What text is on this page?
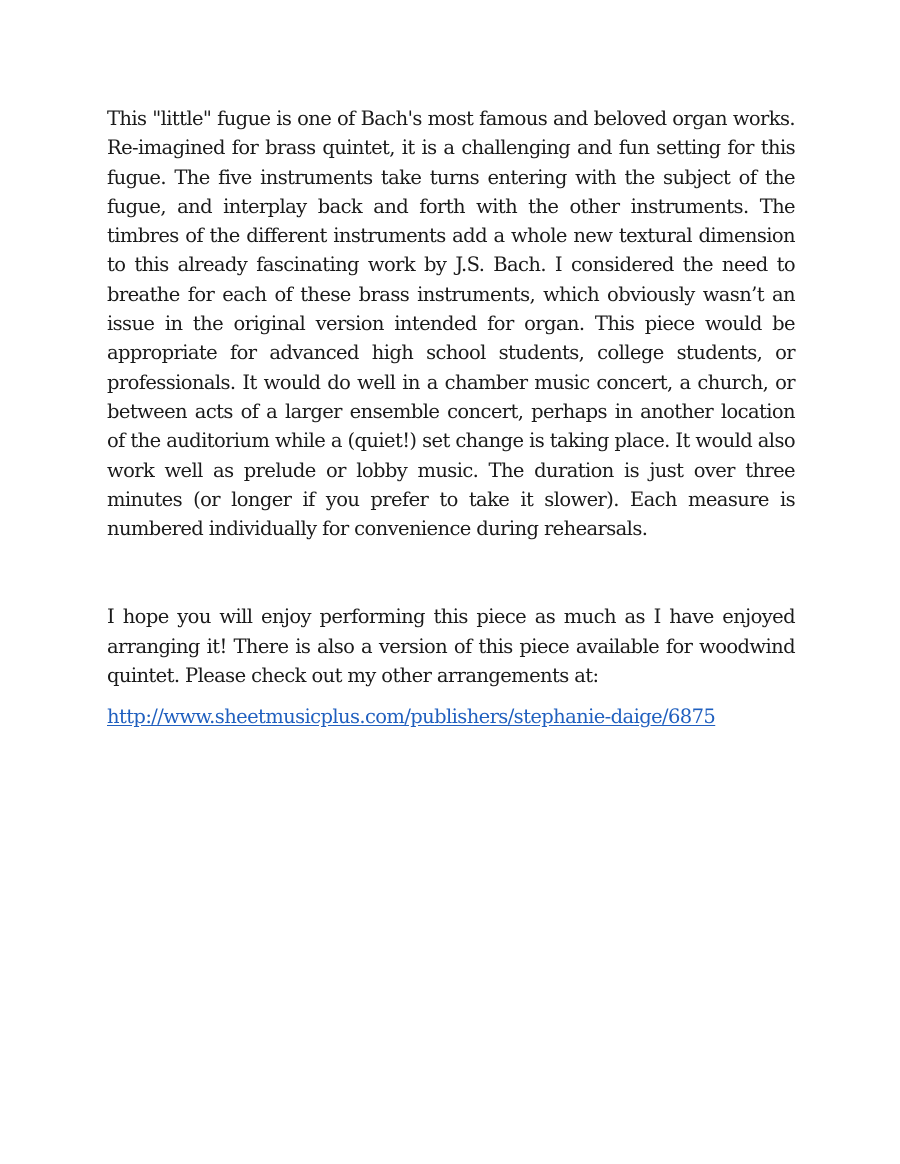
This "little" fugue is one of Bach's most famous and beloved organ works. Re-imagined for brass quintet, it is a challenging and fun setting for this fugue. The five instruments take turns entering with the subject of the fugue, and interplay back and forth with the other instruments. The timbres of the different instruments add a whole new textural dimension to this already fascinating work by J.S. Bach. I considered the need to breathe for each of these brass instruments, which obviously wasn’t an issue in the original version intended for organ. This piece would be appropriate for advanced high school students, college students, or professionals. It would do well in a chamber music concert, a church, or between acts of a larger ensemble concert, perhaps in another location of the auditorium while a (quiet!) set change is taking place. It would also work well as prelude or lobby music. The duration is just over three minutes (or longer if you prefer to take it slower). Each measure is numbered individually for convenience during rehearsals.

I hope you will enjoy performing this piece as much as I have enjoyed arranging it! There is also a version of this piece available for woodwind quintet. Please check out my other arrangements at:

http://www.sheetmusicplus.com/publishers/stephanie-daige/6875
